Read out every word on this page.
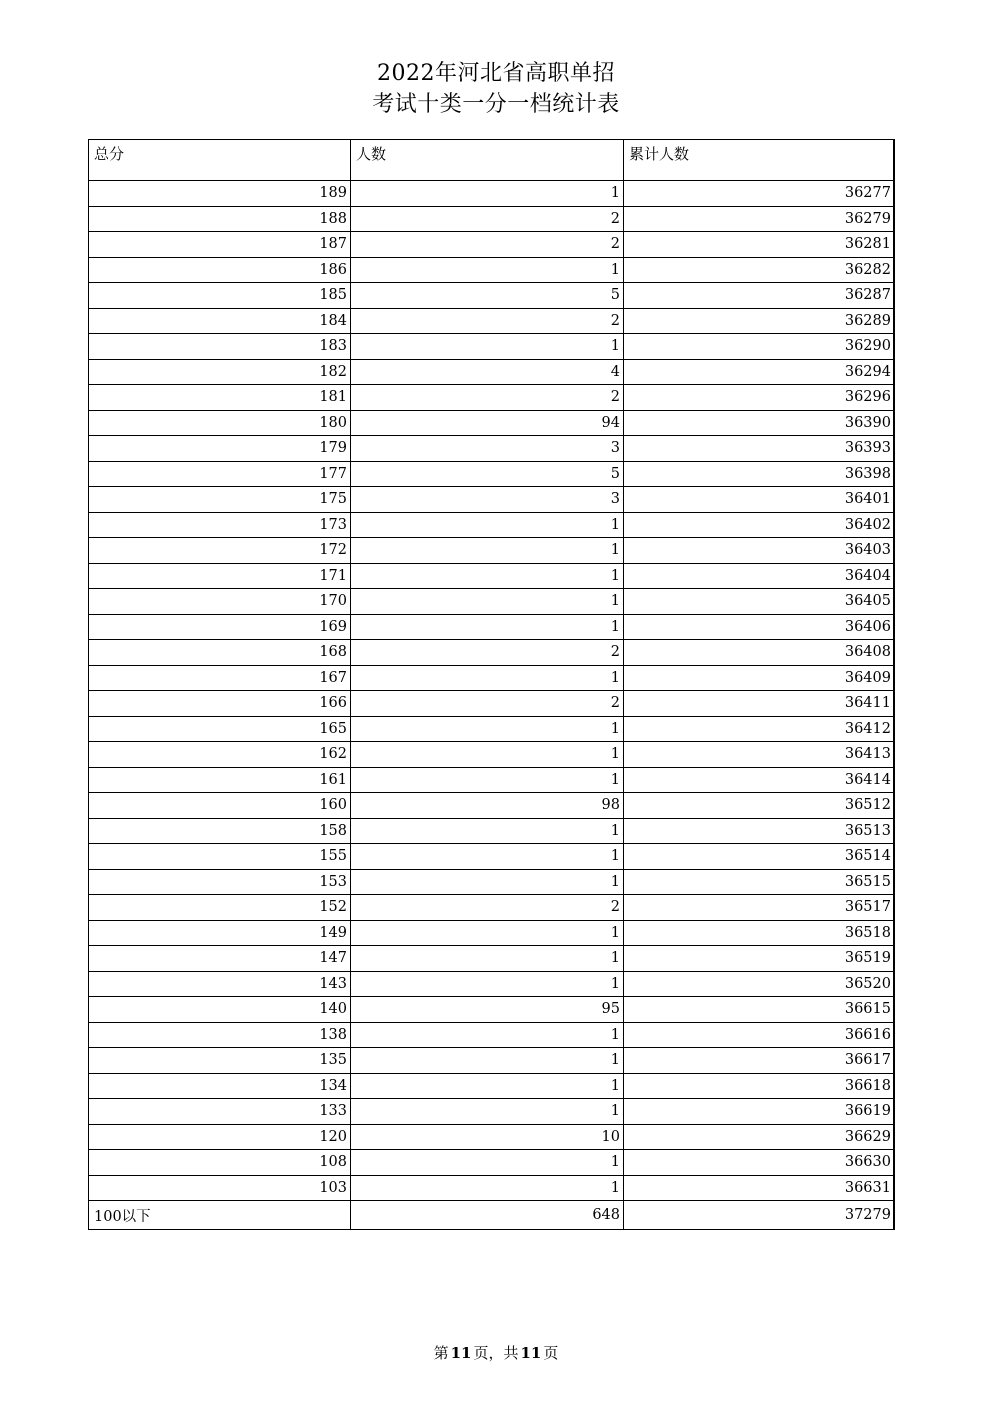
2022年河北省高职单招
考试十类一分一档统计表
总分	人数	累计人数
189	1	36277
188	2	36279
187	2	36281
186	1	36282
185	5	36287
184	2	36289
183	1	36290
182	4	36294
181	2	36296
180	94	36390
179	3	36393
177	5	36398
175	3	36401
173	1	36402
172	1	36403
171	1	36404
170	1	36405
169	1	36406
168	2	36408
167	1	36409
166	2	36411
165	1	36412
162	1	36413
161	1	36414
160	98	36512
158	1	36513
155	1	36514
153	1	36515
152	2	36517
149	1	36518
147	1	36519
143	1	36520
140	95	36615
138	1	36616
135	1	36617
134	1	36618
133	1	36619
120	10	36629
108	1	36630
103	1	36631
100以下	648	37279
第 11 页，共 11 页
